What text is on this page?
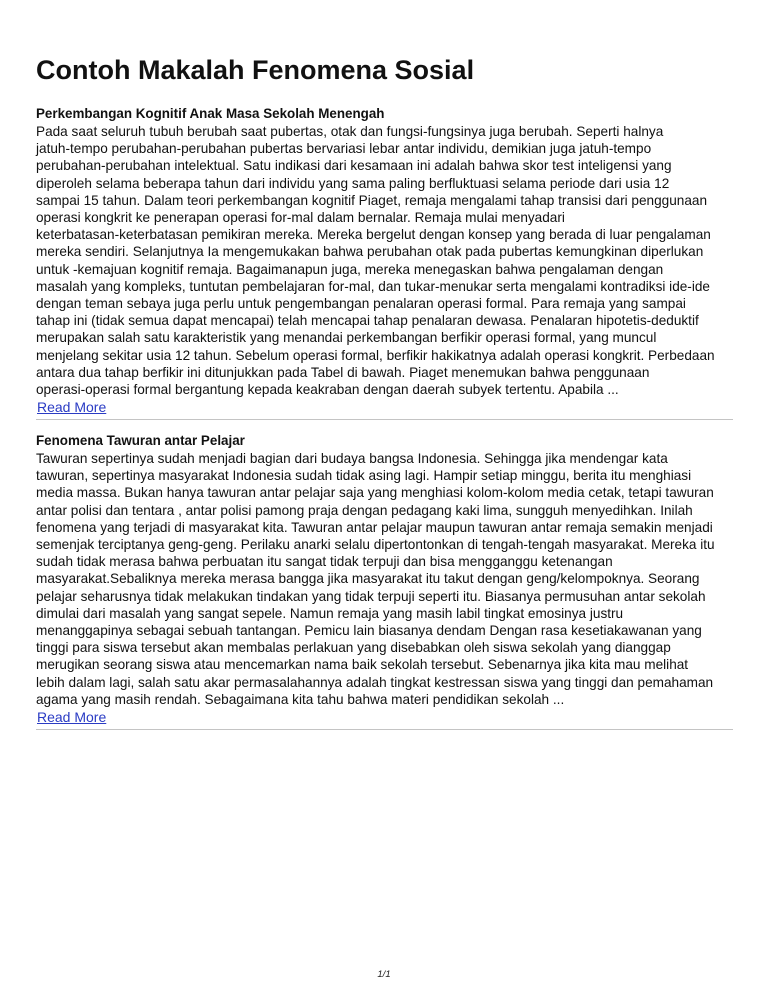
Contoh Makalah Fenomena Sosial
Perkembangan Kognitif Anak Masa Sekolah Menengah
Pada saat seluruh tubuh berubah saat pubertas, otak dan fungsi-fungsinya juga berubah. Seperti halnya
jatuh-tempo perubahan-perubahan pubertas bervariasi lebar antar individu, demikian juga jatuh-tempo
perubahan-perubahan intelektual. Satu indikasi dari kesamaan ini adalah bahwa skor test inteligensi yang
diperoleh selama beberapa tahun dari individu yang sama paling berfluktuasi selama periode dari usia 12
sampai 15 tahun. Dalam teori perkembangan kognitif Piaget, remaja mengalami tahap transisi dari penggunaan
operasi kongkrit ke penerapan operasi for-mal dalam bernalar. Remaja mulai menyadari
keterbatasan-keterbatasan pemikiran mereka. Mereka bergelut dengan konsep yang berada di luar pengalaman
mereka sendiri. Selanjutnya Ia mengemukakan bahwa perubahan otak pada pubertas kemungkinan diperlukan
untuk -kemajuan kognitif remaja. Bagaimanapun juga, mereka menegaskan bahwa pengalaman dengan
masalah yang kompleks, tuntutan pembelajaran for-mal, dan tukar-menukar serta mengalami kontradiksi ide-ide
dengan teman sebaya juga perlu untuk pengembangan penalaran operasi formal. Para remaja yang sampai
tahap ini (tidak semua dapat mencapai) telah mencapai tahap penalaran dewasa. Penalaran hipotetis-deduktif
merupakan salah satu karakteristik yang menandai perkembangan berfikir operasi formal, yang muncul
menjelang sekitar usia 12 tahun. Sebelum operasi formal, berfikir hakikatnya adalah operasi kongkrit. Perbedaan
antara dua tahap berfikir ini ditunjukkan pada Tabel di bawah. Piaget menemukan bahwa penggunaan
operasi-operasi formal bergantung kepada keakraban dengan daerah subyek tertentu. Apabila ...
Read More
Fenomena Tawuran antar Pelajar
Tawuran sepertinya sudah menjadi bagian dari budaya bangsa Indonesia. Sehingga jika mendengar kata
tawuran, sepertinya masyarakat Indonesia sudah tidak asing lagi. Hampir setiap minggu, berita itu menghiasi
media massa. Bukan hanya tawuran antar pelajar saja yang menghiasi kolom-kolom media cetak, tetapi tawuran
antar polisi dan tentara , antar polisi pamong praja dengan pedagang kaki lima, sungguh menyedihkan. Inilah
fenomena yang terjadi di masyarakat kita. Tawuran antar pelajar maupun tawuran antar remaja semakin menjadi
semenjak terciptanya geng-geng. Perilaku anarki selalu dipertontonkan di tengah-tengah masyarakat. Mereka itu
sudah tidak merasa bahwa perbuatan itu sangat tidak terpuji dan bisa mengganggu ketenangan
masyarakat.Sebaliknya mereka merasa bangga jika masyarakat itu takut dengan geng/kelompoknya. Seorang
pelajar seharusnya tidak melakukan tindakan yang tidak terpuji seperti itu. Biasanya permusuhan antar sekolah
dimulai dari masalah yang sangat sepele. Namun remaja yang masih labil tingkat emosinya justru
menanggapinya sebagai sebuah tantangan. Pemicu lain biasanya dendam Dengan rasa kesetiakawanan yang
tinggi para siswa tersebut akan membalas perlakuan yang disebabkan oleh siswa sekolah yang dianggap
merugikan seorang siswa atau mencemarkan nama baik sekolah tersebut. Sebenarnya jika kita mau melihat
lebih dalam lagi, salah satu akar permasalahannya adalah tingkat kestressan siswa yang tinggi dan pemahaman
agama yang masih rendah. Sebagaimana kita tahu bahwa materi pendidikan sekolah ...
Read More
1/1
